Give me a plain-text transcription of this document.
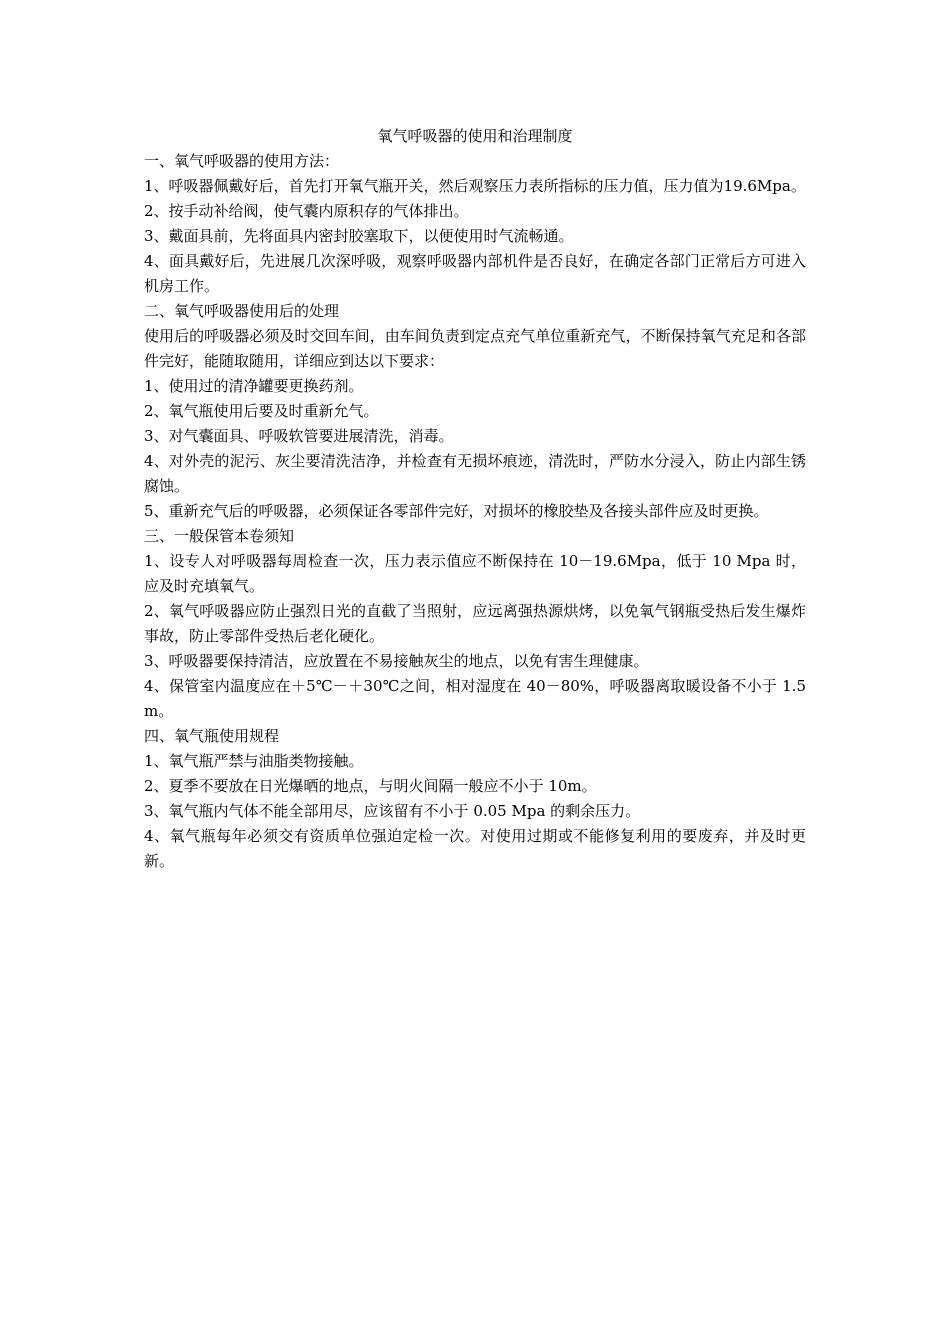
氧气呼吸器的使用和治理制度

一、氧气呼吸器的使用方法：

1、呼吸器佩戴好后，首先打开氧气瓶开关，然后观察压力表所指标的压力值，压力值为19.6Mpa。

2、按手动补给阀，使气囊内原积存的气体排出。

3、戴面具前，先将面具内密封胶塞取下，以便使用时气流畅通。

4、面具戴好后，先进展几次深呼吸，观察呼吸器内部机件是否良好，在确定各部门正常后方可进入机房工作。

二、氧气呼吸器使用后的处理

使用后的呼吸器必须及时交回车间，由车间负责到定点充气单位重新充气，不断保持氧气充足和各部件完好，能随取随用，详细应到达以下要求：

1、使用过的清净罐要更换药剂。

2、氧气瓶使用后要及时重新允气。

3、对气囊面具、呼吸软管要进展清洗，消毒。

4、对外壳的泥污、灰尘要清洗洁净，并检查有无损坏痕迹，清洗时，严防水分浸入，防止内部生锈腐蚀。

5、重新充气后的呼吸器，必须保证各零部件完好，对损坏的橡胶垫及各接头部件应及时更换。

三、一般保管本卷须知

1、设专人对呼吸器每周检查一次，压力表示值应不断保持在 10－19.6Mpa，低于 10 Mpa 时，应及时充填氧气。

2、氧气呼吸器应防止强烈日光的直截了当照射，应远离强热源烘烤，以免氧气钢瓶受热后发生爆炸事故，防止零部件受热后老化硬化。

3、呼吸器要保持清洁，应放置在不易接触灰尘的地点，以免有害生理健康。

4、保管室内温度应在＋5℃－＋30℃之间，相对湿度在 40－80%，呼吸器离取暖设备不小于 1.5m。

四、氧气瓶使用规程

1、氧气瓶严禁与油脂类物接触。

2、夏季不要放在日光爆晒的地点，与明火间隔一般应不小于 10m。

3、氧气瓶内气体不能全部用尽，应该留有不小于 0.05 Mpa 的剩余压力。

4、氧气瓶每年必须交有资质单位强迫定检一次。对使用过期或不能修复利用的要废弃，并及时更新。
